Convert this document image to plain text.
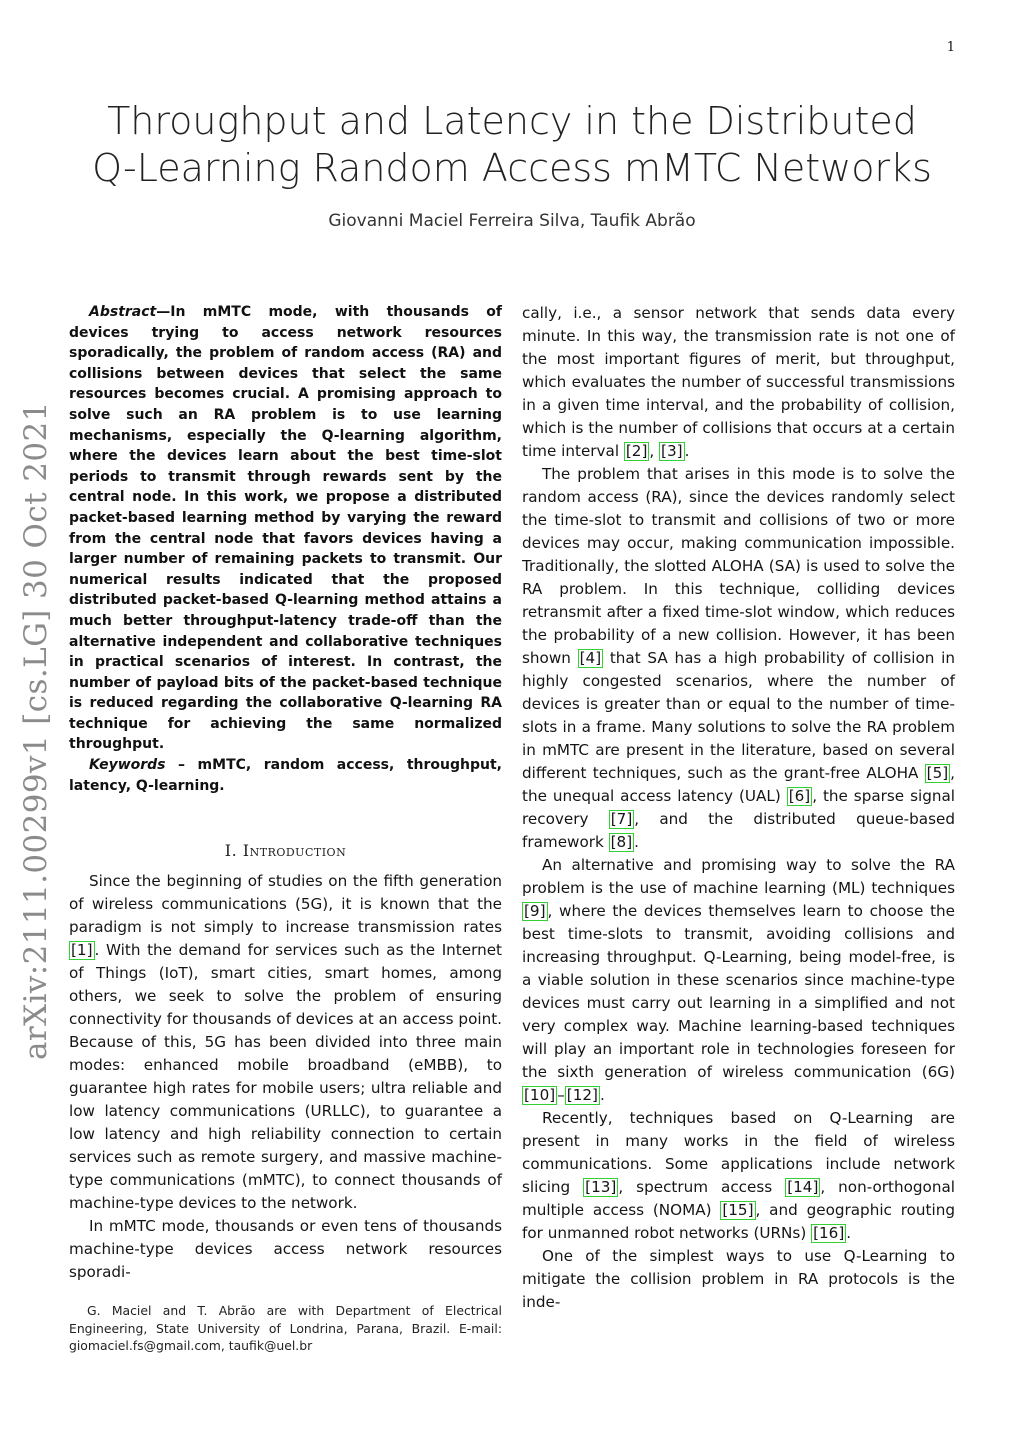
1
arXiv:2111.00299v1 [cs.LG] 30 Oct 2021
Throughput and Latency in the Distributed
Q-Learning Random Access mMTC Networks
Giovanni Maciel Ferreira Silva, Taufik Abrão

Abstract—In mMTC mode, with thousands of devices trying to access network resources sporadically, the problem of random access (RA) and collisions between devices that select the same resources becomes crucial. A promising approach to solve such an RA problem is to use learning mechanisms, especially the Q-learning algorithm, where the devices learn about the best time-slot periods to transmit through rewards sent by the central node. In this work, we propose a distributed packet-based learning method by varying the reward from the central node that favors devices having a larger number of remaining packets to transmit. Our numerical results indicated that the proposed distributed packet-based Q-learning method attains a much better throughput-latency trade-off than the alternative independent and collaborative techniques in practical scenarios of interest. In contrast, the number of payload bits of the packet-based technique is reduced regarding the collaborative Q-learning RA technique for achieving the same normalized throughput.

Keywords – mMTC, random access, throughput, latency, Q-learning.

I. Introduction

Since the beginning of studies on the fifth generation of wireless communications (5G), it is known that the paradigm is not simply to increase transmission rates [1] . With the demand for services such as the Internet of Things (IoT), smart cities, smart homes, among others, we seek to solve the problem of ensuring connectivity for thousands of devices at an access point. Because of this, 5G has been divided into three main modes: enhanced mobile broadband (eMBB), to guarantee high rates for mobile users; ultra reliable and low latency communications (URLLC), to guarantee a low latency and high reliability connection to certain services such as remote surgery, and massive machine-type communications (mMTC), to connect thousands of machine-type devices to the network.

In mMTC mode, thousands or even tens of thousands machine-type devices access network resources sporadi-

G. Maciel and T. Abrão are with Department of Electrical Engineering, State University of Londrina, Parana, Brazil. E-mail: giomaciel.fs@gmail.com, taufik@uel.br

cally, i.e., a sensor network that sends data every minute. In this way, the transmission rate is not one of the most important figures of merit, but throughput, which evaluates the number of successful transmissions in a given time interval, and the probability of collision, which is the number of collisions that occurs at a certain time interval [2] , [3] .

The problem that arises in this mode is to solve the random access (RA), since the devices randomly select the time-slot to transmit and collisions of two or more devices may occur, making communication impossible. Traditionally, the slotted ALOHA (SA) is used to solve the RA problem. In this technique, colliding devices retransmit after a fixed time-slot window, which reduces the probability of a new collision. However, it has been shown [4] that SA has a high probability of collision in highly congested scenarios, where the number of devices is greater than or equal to the number of time-slots in a frame. Many solutions to solve the RA problem in mMTC are present in the literature, based on several different techniques, such as the grant-free ALOHA [5] , the unequal access latency (UAL) [6] , the sparse signal recovery [7] , and the distributed queue-based framework [8] .

An alternative and promising way to solve the RA problem is the use of machine learning (ML) techniques [9] , where the devices themselves learn to choose the best time-slots to transmit, avoiding collisions and increasing throughput. Q-Learning, being model-free, is a viable solution in these scenarios since machine-type devices must carry out learning in a simplified and not very complex way. Machine learning-based techniques will play an important role in technologies foreseen for the sixth generation of wireless communication (6G) [10] – [12] .

Recently, techniques based on Q-Learning are present in many works in the field of wireless communications. Some applications include network slicing [13] , spectrum access [14] , non-orthogonal multiple access (NOMA) [15] , and geographic routing for unmanned robot networks (URNs) [16] .

One of the simplest ways to use Q-Learning to mitigate the collision problem in RA protocols is the inde-
